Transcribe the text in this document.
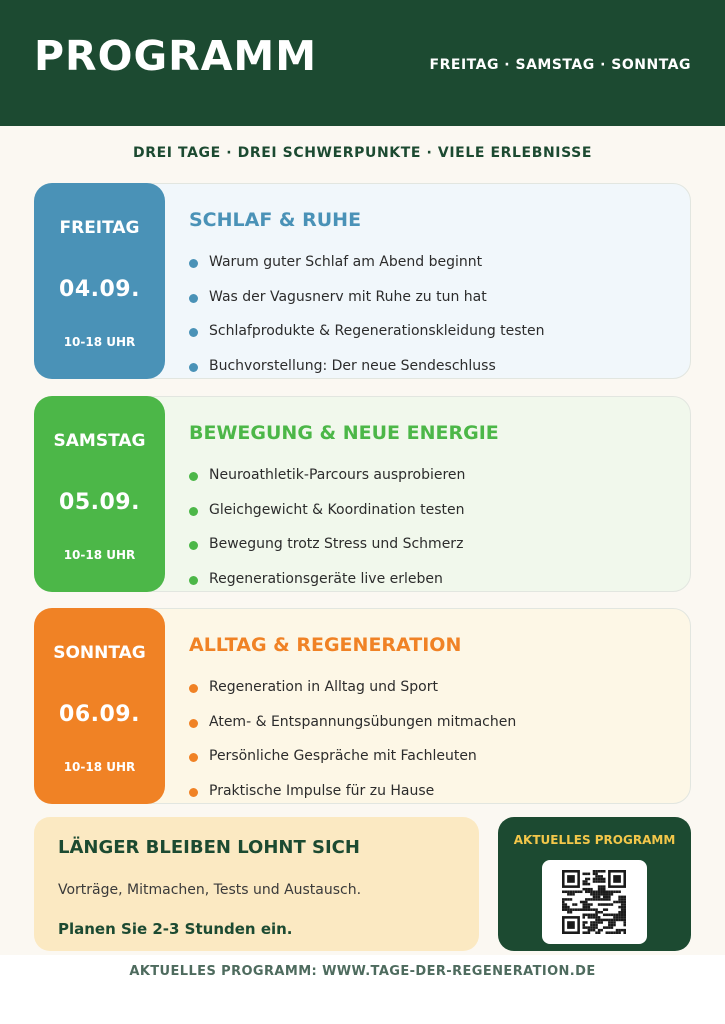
PROGRAMM	FREITAG · SAMSTAG · SONNTAG
DREI TAGE · DREI SCHWERPUNKTE · VIELE ERLEBNISSE
FREITAG
04.09.
10-18 UHR
SCHLAF & RUHE
Warum guter Schlaf am Abend beginnt
Was der Vagusnerv mit Ruhe zu tun hat
Schlafprodukte & Regenerationskleidung testen
Buchvorstellung: Der neue Sendeschluss
SAMSTAG
05.09.
10-18 UHR
BEWEGUNG & NEUE ENERGIE
Neuroathletik-Parcours ausprobieren
Gleichgewicht & Koordination testen
Bewegung trotz Stress und Schmerz
Regenerationsgeräte live erleben
SONNTAG
06.09.
10-18 UHR
ALLTAG & REGENERATION
Regeneration in Alltag und Sport
Atem- & Entspannungsübungen mitmachen
Persönliche Gespräche mit Fachleuten
Praktische Impulse für zu Hause
LÄNGER BLEIBEN LOHNT SICH
Vorträge, Mitmachen, Tests und Austausch.
Planen Sie 2-3 Stunden ein.
AKTUELLES PROGRAMM
AKTUELLES PROGRAMM: WWW.TAGE-DER-REGENERATION.DE
